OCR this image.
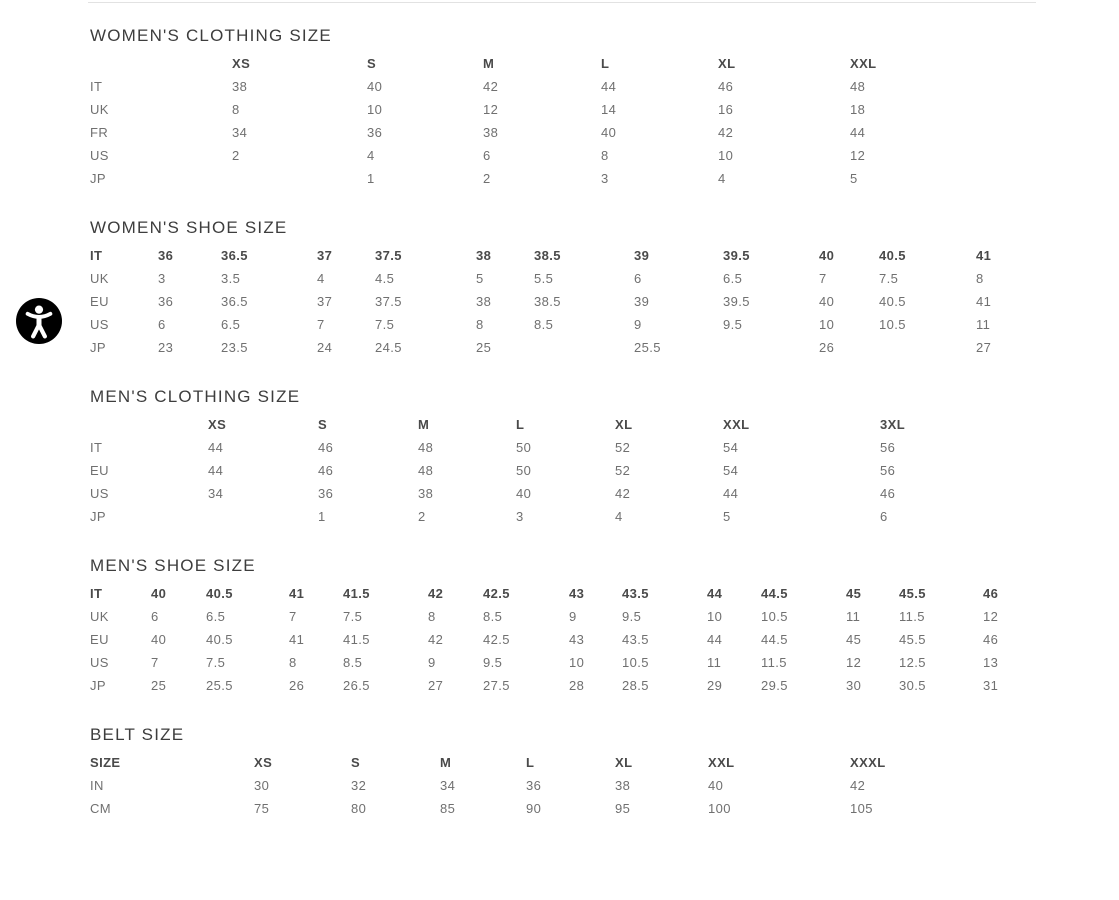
WOMEN'S CLOTHING SIZE
	XS	S	M	L	XL	XXL
IT	38	40	42	44	46	48
UK	8	10	12	14	16	18
FR	34	36	38	40	42	44
US	2	4	6	8	10	12
JP		1	2	3	4	5
WOMEN'S SHOE SIZE
IT	36	36.5	37	37.5	38	38.5	39	39.5	40	40.5	41
UK	3	3.5	4	4.5	5	5.5	6	6.5	7	7.5	8
EU	36	36.5	37	37.5	38	38.5	39	39.5	40	40.5	41
US	6	6.5	7	7.5	8	8.5	9	9.5	10	10.5	11
JP	23	23.5	24	24.5	25		25.5		26		27
MEN'S CLOTHING SIZE
	XS	S	M	L	XL	XXL	3XL
IT	44	46	48	50	52	54	56
EU	44	46	48	50	52	54	56
US	34	36	38	40	42	44	46
JP		1	2	3	4	5	6
MEN'S SHOE SIZE
IT	40	40.5	41	41.5	42	42.5	43	43.5	44	44.5	45	45.5	46
UK	6	6.5	7	7.5	8	8.5	9	9.5	10	10.5	11	11.5	12
EU	40	40.5	41	41.5	42	42.5	43	43.5	44	44.5	45	45.5	46
US	7	7.5	8	8.5	9	9.5	10	10.5	11	11.5	12	12.5	13
JP	25	25.5	26	26.5	27	27.5	28	28.5	29	29.5	30	30.5	31
BELT SIZE
SIZE	XS	S	M	L	XL	XXL	XXXL
IN	30	32	34	36	38	40	42
CM	75	80	85	90	95	100	105
